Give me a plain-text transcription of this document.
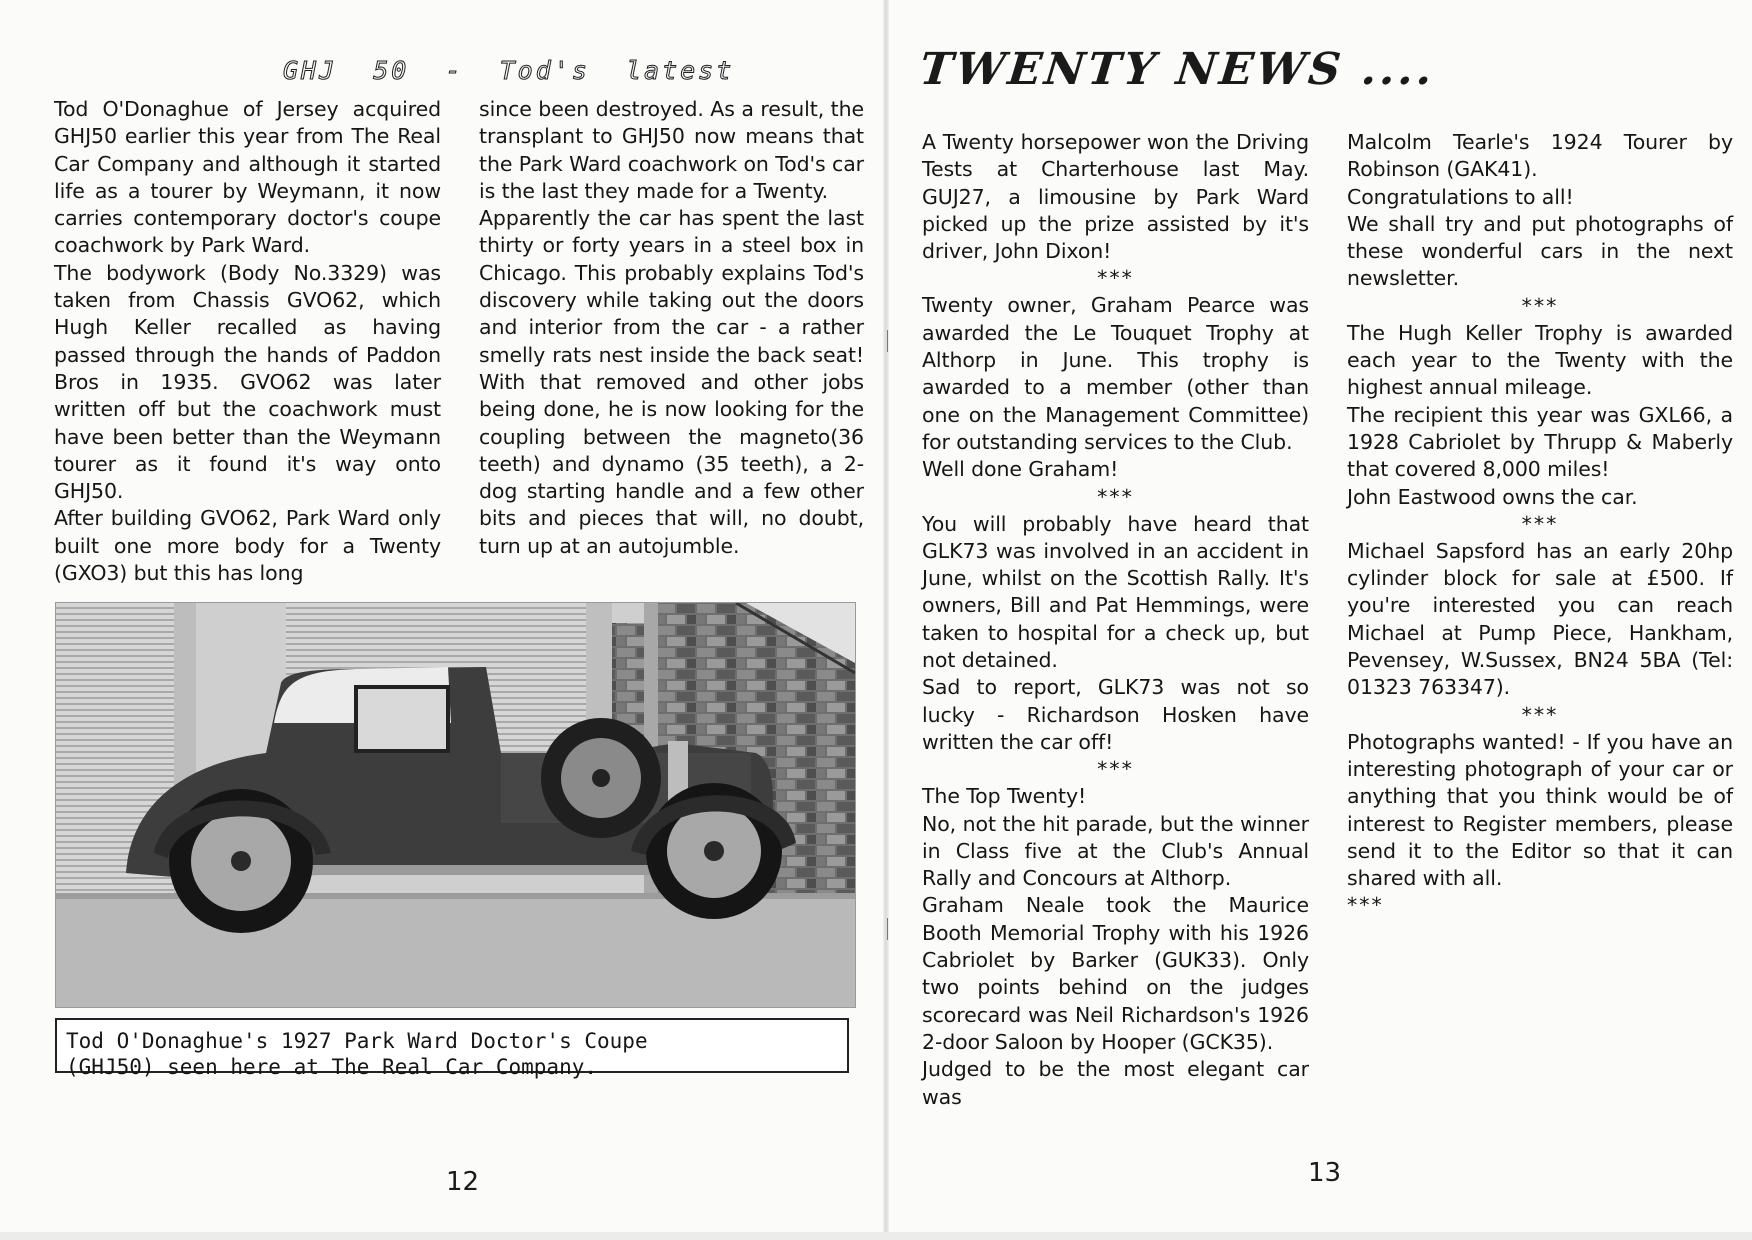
GHJ  50  -  Tod's  latest

Tod O'Donaghue of Jersey acquired GHJ50 earlier this year from The Real Car Company and although it started life as a tourer by Weymann, it now carries contemporary doctor's coupe coachwork by Park Ward.

The bodywork (Body No.3329) was taken from Chassis GVO62, which Hugh Keller recalled as having passed through the hands of Paddon Bros in 1935. GVO62 was later written off but the coachwork must have been better than the Weymann tourer as it found it's way onto GHJ50.

After building GVO62, Park Ward only built one more body for a Twenty (GXO3) but this has long

since been destroyed. As a result, the transplant to GHJ50 now means that the Park Ward coachwork on Tod's car is the last they made for a Twenty.

Apparently the car has spent the last thirty or forty years in a steel box in Chicago. This probably explains Tod's discovery while taking out the doors and interior from the car - a rather smelly rats nest inside the back seat! With that removed and other jobs being done, he is now looking for the coupling between the magneto(36 teeth) and dynamo (35 teeth), a 2-dog starting handle and a few other bits and pieces that will, no doubt, turn up at an autojumble.

Tod O'Donaghue's 1927 Park Ward Doctor's Coupe

(GHJ50) seen here at The Real Car Company.

12

TWENTY NEWS ....

A Twenty horsepower won the Driving Tests at Charterhouse last May. GUJ27, a limousine by Park Ward picked up the prize assisted by it's driver, John Dixon!

***

Twenty owner, Graham Pearce was awarded the Le Touquet Trophy at Althorp in June. This trophy is awarded to a member (other than one on the Management Committee) for outstanding services to the Club.

Well done Graham!

***

You will probably have heard that GLK73 was involved in an accident in June, whilst on the Scottish Rally. It's owners, Bill and Pat Hemmings, were taken to hospital for a check up, but not detained.

Sad to report, GLK73 was not so lucky - Richardson Hosken have written the car off!

***

The Top Twenty!

No, not the hit parade, but the winner in Class five at the Club's Annual Rally and Concours at Althorp.

Graham Neale took the Maurice Booth Memorial Trophy with his 1926 Cabriolet by Barker (GUK33). Only two points behind on the judges scorecard was Neil Richardson's 1926 2-door Saloon by Hooper (GCK35).

Judged to be the most elegant car was

Malcolm Tearle's 1924 Tourer by Robinson (GAK41).

Congratulations to all!

We shall try and put photographs of these wonderful cars in the next newsletter.

***

The Hugh Keller Trophy is awarded each year to the Twenty with the highest annual mileage.

The recipient this year was GXL66, a 1928 Cabriolet by Thrupp & Maberly that covered 8,000 miles!

John Eastwood owns the car.

***

Michael Sapsford has an early 20hp cylinder block for sale at £500. If you're interested you can reach Michael at Pump Piece, Hankham, Pevensey, W.Sussex, BN24 5BA (Tel: 01323 763347).

***

Photographs wanted! - If you have an interesting photograph of your car or anything that you think would be of interest to Register members, please send it to the Editor so that it can shared with all.

***

13
